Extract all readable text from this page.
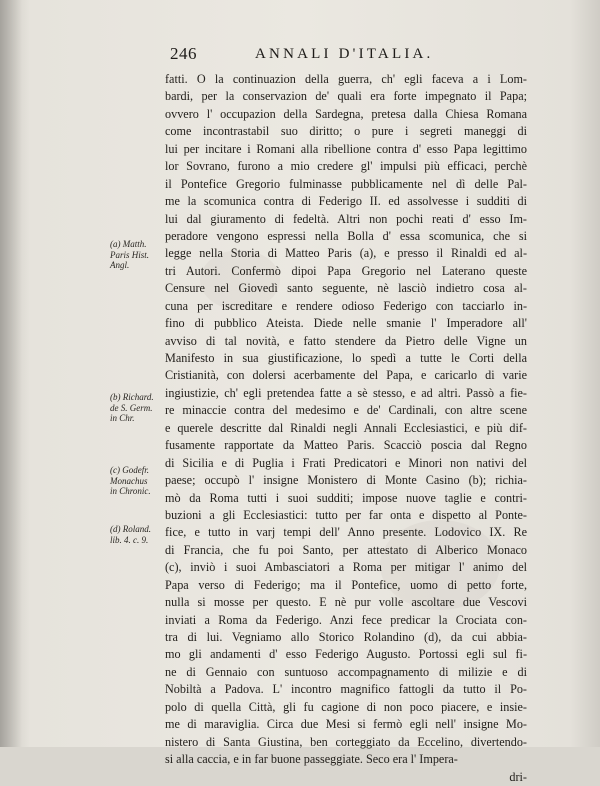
246	ANNALI D'ITALIA.
fatti. O la continuazion della guerra, ch' egli faceva a i Lom-
bardi, per la conservazion de' quali era forte impegnato il Papa;
ovvero l' occupazion della Sardegna, pretesa dalla Chiesa Romana
come incontrastabil suo diritto; o pure i segreti maneggi di
lui per incitare i Romani alla ribellione contra d' esso Papa legittimo
lor Sovrano, furono a mio credere gl' impulsi più efficaci, perchè
il Pontefice Gregorio fulminasse pubblicamente nel dì delle Pal-
me la scomunica contra di Federigo II. ed assolvesse i sudditi di
lui dal giuramento di fedeltà. Altri non pochi reati d' esso Im-
peradore vengono espressi nella Bolla d' essa scomunica, che si
legge nella Storia di Matteo Paris (a), e presso il Rinaldi ed al-
tri Autori. Confermò dipoi Papa Gregorio nel Laterano queste
Censure nel Giovedì santo seguente, nè lasciò indietro cosa al-
cuna per iscreditare e rendere odioso Federigo con tacciarlo in-
fino di pubblico Ateista. Diede nelle smanie l' Imperadore all'
avviso di tal novità, e fatto stendere da Pietro delle Vigne un
Manifesto in sua giustificazione, lo spedì a tutte le Corti della
Cristianità, con dolersi acerbamente del Papa, e caricarlo di varie
ingiustizie, ch' egli pretendea fatte a sè stesso, e ad altri. Passò a fie-
re minaccie contra del medesimo e de' Cardinali, con altre scene
e querele descritte dal Rinaldi negli Annali Ecclesiastici, e più dif-
fusamente rapportate da Matteo Paris. Scacciò poscia dal Regno
di Sicilia e di Puglia i Frati Predicatori e Minori non nativi del
paese; occupò l' insigne Monistero di Monte Casino (b); richia-
mò da Roma tutti i suoi sudditi; impose nuove taglie e contri-
buzioni a gli Ecclesiastici: tutto per far onta e dispetto al Ponte-
fice, e tutto in varj tempi dell' Anno presente. Lodovico IX. Re
di Francia, che fu poi Santo, per attestato di Alberico Monaco
(c), inviò i suoi Ambasciatori a Roma per mitigar l' animo del
Papa verso di Federigo; ma il Pontefice, uomo di petto forte,
nulla si mosse per questo. E nè pur volle ascoltare due Vescovi
inviati a Roma da Federigo. Anzi fece predicar la Crociata con-
tra di lui. Vegniamo allo Storico Rolandino (d), da cui abbia-
mo gli andamenti d' esso Federigo Augusto. Portossi egli sul fi-
ne di Gennaio con suntuoso accompagnamento di milizie e di
Nobiltà a Padova. L' incontro magnifico fattogli da tutto il Po-
polo di quella Città, gli fu cagione di non poco piacere, e insie-
me di maraviglia. Circa due Mesi si fermò egli nell' insigne Mo-
nistero di Santa Giustina, ben corteggiato da Eccelino, divertendo-
si alla caccia, e in far buone passeggiate. Seco era l' Impera-
dri-
(a) Matth.
Paris Hist.
Angl.
(b) Richard.
de S. Germ.
in Chr.
(c) Godefr.
Monachus
in Chronic.
(d) Roland.
lib. 4. c. 9.
